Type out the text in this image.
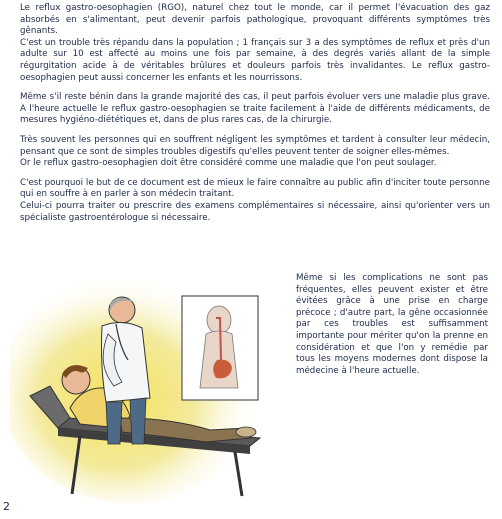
Le reflux gastro-oesophagien (RGO), naturel chez tout le monde, car il permet l'évacuation des gaz absorbés en s'alimentant, peut devenir parfois pathologique, provoquant différents symptômes très gênants.

C'est un trouble très répandu dans la population ; 1 français sur 3 a des symptômes de reflux et près d'un adulte sur 10 est affecté au moins une fois par semaine, à des degrés variés allant de la simple régurgitation acide à de véritables brûlures et douleurs parfois très invalidantes. Le reflux gastro-oesophagien peut aussi concerner les enfants et les nourrissons.

Même s'il reste bénin dans la grande majorité des cas, il peut parfois évoluer vers une maladie plus grave. A l'heure actuelle le reflux gastro-oesophagien se traite facilement à l'aide de différents médicaments, de mesures hygiéno-diététiques et, dans de plus rares cas, de la chirurgie.

Très souvent les personnes qui en souffrent négligent les symptômes et tardent à consulter leur médecin, pensant que ce sont de simples troubles digestifs qu'elles peuvent tenter de soigner elles-mêmes.

Or le reflux gastro-oesophagien doit être considéré comme une maladie que l'on peut soulager.

C'est pourquoi le but de ce document est de mieux le faire connaître au public afin d'inciter toute personne qui en souffre à en parler à son médecin traitant.

Celui-ci pourra traiter ou prescrire des examens complémentaires si nécessaire, ainsi qu'orienter vers un spécialiste gastroentérologue si nécessaire.

Même si les complications ne sont pas fréquentes, elles peuvent exister et être évitées grâce à une prise en charge précoce ; d'autre part, la gêne occasionnée par ces troubles est suffisamment importante pour mériter qu'on la prenne en considération et que l'on y remédie par tous les moyens modernes dont dispose la médecine à l'heure actuelle.

2
